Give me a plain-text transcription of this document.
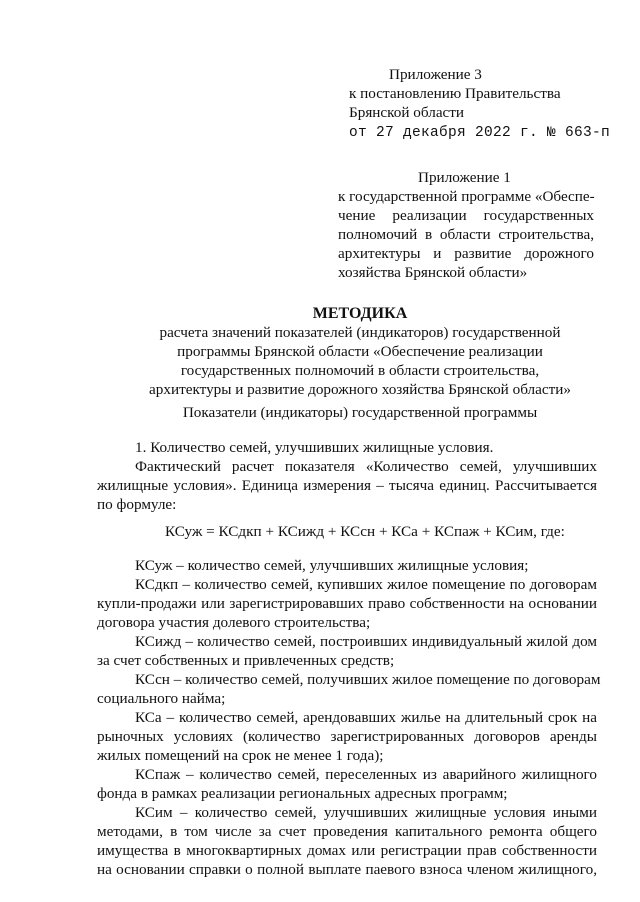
Приложение 3
к постановлению Правительства
Брянской области
от 27 декабря 2022 г. № 663-п
Приложение 1
к государственной программе «Обеспе-
чение реализации государственных
полномочий в области строительства,
архитектуры и развитие дорожного
хозяйства Брянской области»
МЕТОДИКА
расчета значений показателей (индикаторов) государственной
программы Брянской области «Обеспечение реализации
государственных полномочий в области строительства,
архитектуры и развитие дорожного хозяйства Брянской области»
Показатели (индикаторы) государственной программы
1. Количество семей, улучшивших жилищные условия.
Фактический расчет показателя «Количество семей, улучшивших
жилищные условия». Единица измерения – тысяча единиц. Рассчитывается
по формуле:
КСуж = КСдкп + КСижд + КСсн + КСа + КСпаж + КСим, где:
КСуж – количество семей, улучшивших жилищные условия;
КСдкп – количество семей, купивших жилое помещение по договорам
купли-продажи или зарегистрировавших право собственности на основании
договора участия долевого строительства;
КСижд – количество семей, построивших индивидуальный жилой дом
за счет собственных и привлеченных средств;
КСсн – количество семей, получивших жилое помещение по договорам
социального найма;
КСа – количество семей, арендовавших жилье на длительный срок на
рыночных условиях (количество зарегистрированных договоров аренды
жилых помещений на срок не менее 1 года);
КСпаж – количество семей, переселенных из аварийного жилищного
фонда в рамках реализации региональных адресных программ;
КСим – количество семей, улучшивших жилищные условия иными
методами, в том числе за счет проведения капитального ремонта общего
имущества в многоквартирных домах или регистрации прав собственности
на основании справки о полной выплате паевого взноса членом жилищного,
